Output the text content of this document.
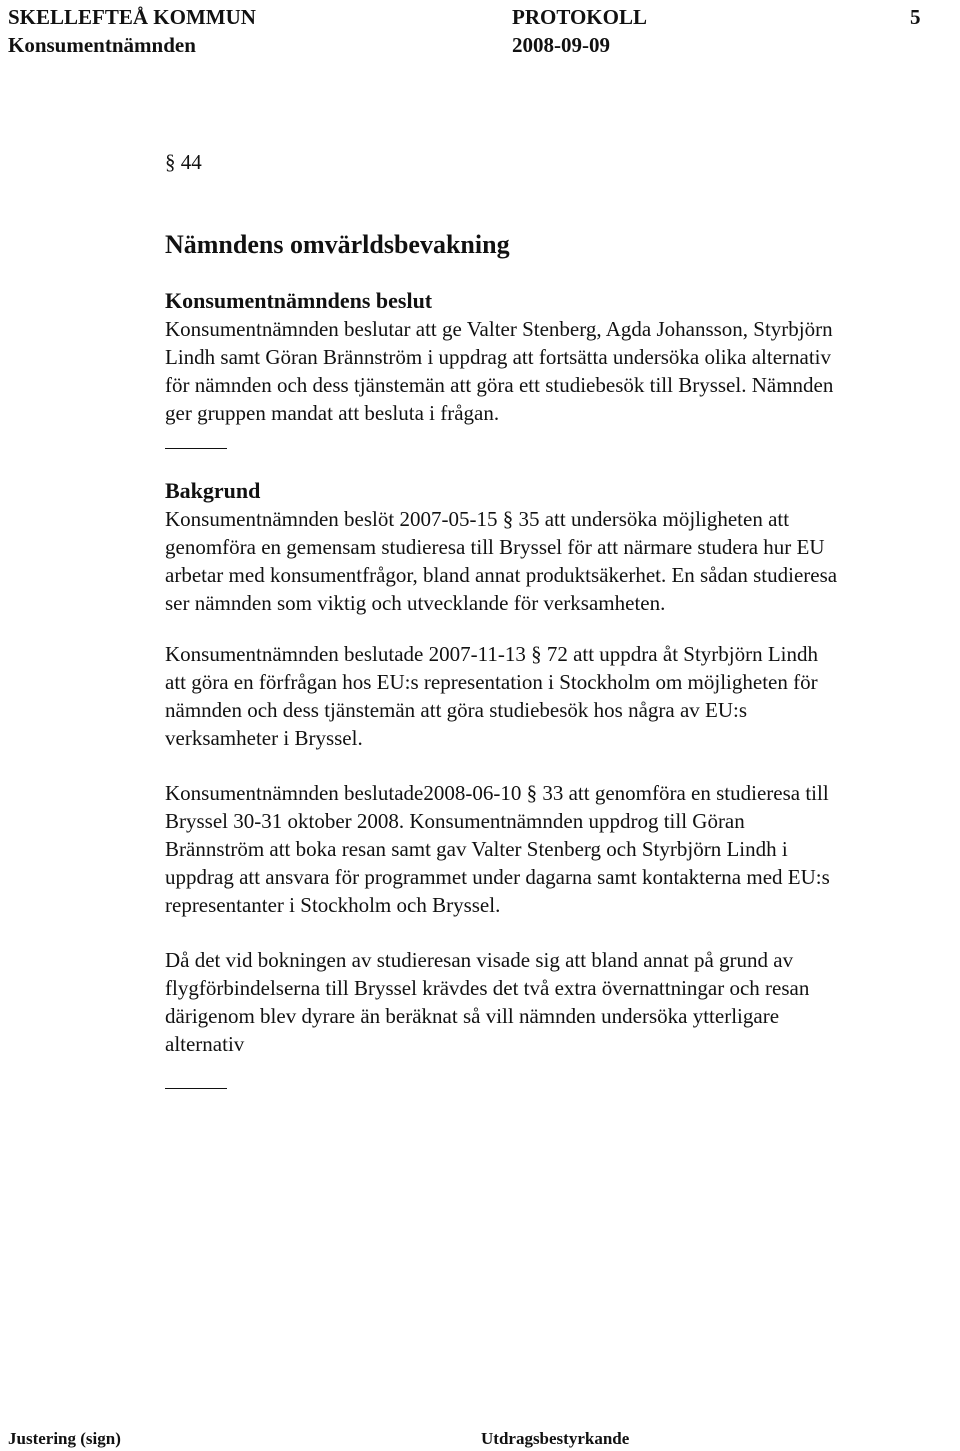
SKELLEFTEÅ KOMMUN	PROTOKOLL	5
Konsumentnämnden	2008-09-09
§ 44
Nämndens omvärldsbevakning
Konsumentnämndens beslut
Konsumentnämnden beslutar att ge Valter Stenberg, Agda Johansson, Styrbjörn
Lindh samt Göran Brännström i uppdrag att fortsätta undersöka olika alternativ
för nämnden och dess tjänstemän att göra ett studiebesök till Bryssel. Nämnden
ger gruppen mandat att besluta i frågan.
Bakgrund
Konsumentnämnden beslöt 2007-05-15 § 35 att undersöka möjligheten att
genomföra en gemensam studieresa till Bryssel för att närmare studera hur EU
arbetar med konsumentfrågor, bland annat produktsäkerhet. En sådan studieresa
ser nämnden som viktig och utvecklande för verksamheten.
Konsumentnämnden beslutade 2007-11-13 § 72 att uppdra åt Styrbjörn Lindh
att göra en förfrågan hos EU:s representation i Stockholm om möjligheten för
nämnden och dess tjänstemän att göra studiebesök hos några av EU:s
verksamheter i Bryssel.
Konsumentnämnden beslutade2008-06-10 § 33 att genomföra en studieresa till
Bryssel 30-31 oktober 2008. Konsumentnämnden uppdrog till Göran
Brännström att boka resan samt gav Valter Stenberg och Styrbjörn Lindh i
uppdrag att ansvara för programmet under dagarna samt kontakterna med EU:s
representanter i Stockholm och Bryssel.
Då det vid bokningen av studieresan visade sig att bland annat på grund av
flygförbindelserna till Bryssel krävdes det två extra övernattningar och resan
därigenom blev dyrare än beräknat så vill nämnden undersöka ytterligare
alternativ
Justering (sign)	Utdragsbestyrkande
